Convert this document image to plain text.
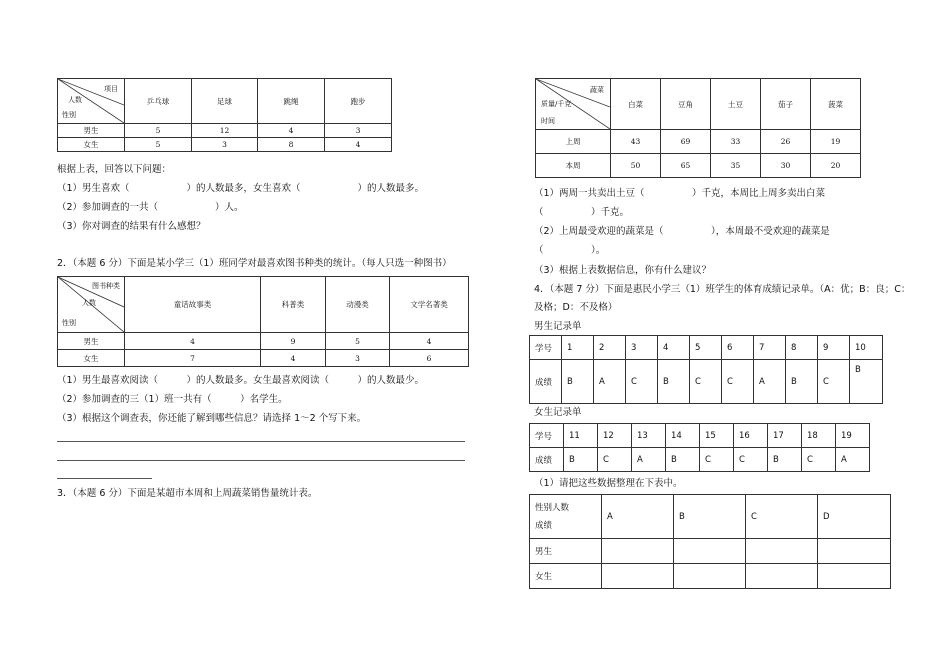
项目
人数
性别	乒乓球	足球	跳绳	跑步
男生	5	12	4	3
女生	5	3	8	4
根据上表，回答以下问题：
（1）男生喜欢（　　　　　　）的人数最多，女生喜欢（　　　　　　）的人数最多。
（2）参加调查的一共（　　　　　　）人。
（3）你对调查的结果有什么感想？
2．（本题 6 分）下面是某小学三（1）班同学对最喜欢图书种类的统计。（每人只选一种图书）
图书种类
人数
性别	童话故事类	科普类	动漫类	文学名著类
男生	4	9	5	4
女生	7	4	3	6
（1）男生最喜欢阅读（　　　）的人数最多。女生最喜欢阅读（　　　）的人数最少。
（2）参加调查的三（1）班一共有（　　　）名学生。
（3）根据这个调查表，你还能了解到哪些信息？请选择 1～2 个写下来。
3．（本题 6 分）下面是某超市本周和上周蔬菜销售量统计表。
蔬菜
质量/千克
时间	白菜	豆角	土豆	茄子	菠菜
上周	43	69	33	26	19
本周	50	65	35	30	20
（1）两周一共卖出土豆（　　　　　）千克，本周比上周多卖出白菜
（　　　　　）千克。
（2）上周最受欢迎的蔬菜是（　　　　　），本周最不受欢迎的蔬菜是
（　　　　　）。
（3）根据上表数据信息，你有什么建议？
4．（本题 7 分）下面是惠民小学三（1）班学生的体育成绩记录单。（A：优；B：良；C：
及格；D：不及格）
男生记录单
学号	1	2	3	4	5	6	7	8	9	10
成绩	B	A	C	B	C	C	A	B	C	B
女生记录单
学号	11	12	13	14	15	16	17	18	19
成绩	B	C	A	B	C	C	B	C	A
（1）请把这些数据整理在下表中。
性别人数
成绩	A	B	C	D
男生				
女生				
